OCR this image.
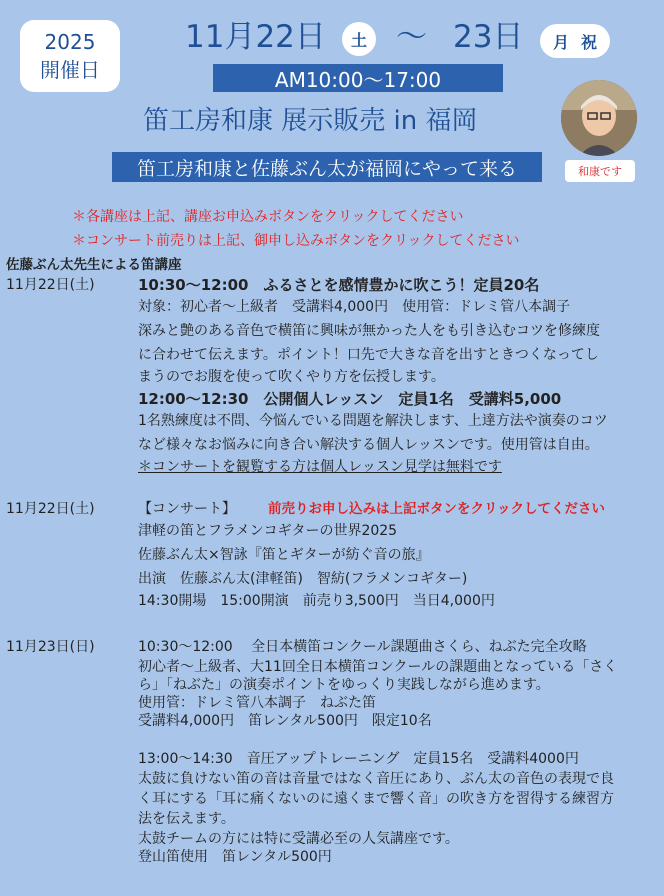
2025
開催日
11月22日	土 〜 23日 月 祝
AM10:00〜17:00
笛工房和康 展示販売 in 福岡
笛工房和康と佐藤ぶん太が福岡にやって来る	和康です
＊各講座は上記、講座お申込みボタンをクリックしてください
＊コンサート前売りは上記、御申し込みボタンをクリックしてください
佐藤ぶん太先生による笛講座
11月22日(土)	10:30〜12:00　ふるさとを感情豊かに吹こう！定員20名
対象：初心者〜上級者　受講料4,000円　使用管：ドレミ管八本調子
深みと艶のある音色で横笛に興味が無かった人をも引き込むコツを修練度
に合わせて伝えます。ポイント！口先で大きな音を出すときつくなってし
まうのでお腹を使って吹くやり方を伝授します。
12:00〜12:30　公開個人レッスン　定員1名　受講料5,000
1名熟練度は不問、今悩んでいる問題を解決します、上達方法や演奏のコツ
など様々なお悩みに向き合い解決する個人レッスンです。使用管は自由。
＊コンサートを観覧する方は個人レッスン見学は無料です
11月22日(土)	【コンサート】 前売りお申し込みは上記ボタンをクリックしてください
津軽の笛とフラメンコギターの世界2025
佐藤ぶん太×智詠『笛とギターが紡ぐ音の旅』
出演　佐藤ぶん太(津軽笛)　智紡(フラメンコギター)
14:30開場　15:00開演　前売り3,500円　当日4,000円
11月23日(日)	10:30〜12:00　 全日本横笛コンクール課題曲さくら、ねぶた完全攻略
初心者〜上級者、大11回全日本横笛コンクールの課題曲となっている「さく
ら」「ねぶた」の演奏ポイントをゆっくり実践しながら進めます。
使用管：ドレミ管八本調子　ねぶた笛
受講料4,000円　笛レンタル500円　限定10名
13:00〜14:30　音圧アップトレーニング　定員15名　受講料4000円
太鼓に負けない笛の音は音量ではなく音圧にあり、ぶん太の音色の表現で良
く耳にする「耳に痛くないのに遠くまで響く音」の吹き方を習得する練習方
法を伝えます。
太鼓チームの方には特に受講必至の人気講座です。
登山笛使用　笛レンタル500円
